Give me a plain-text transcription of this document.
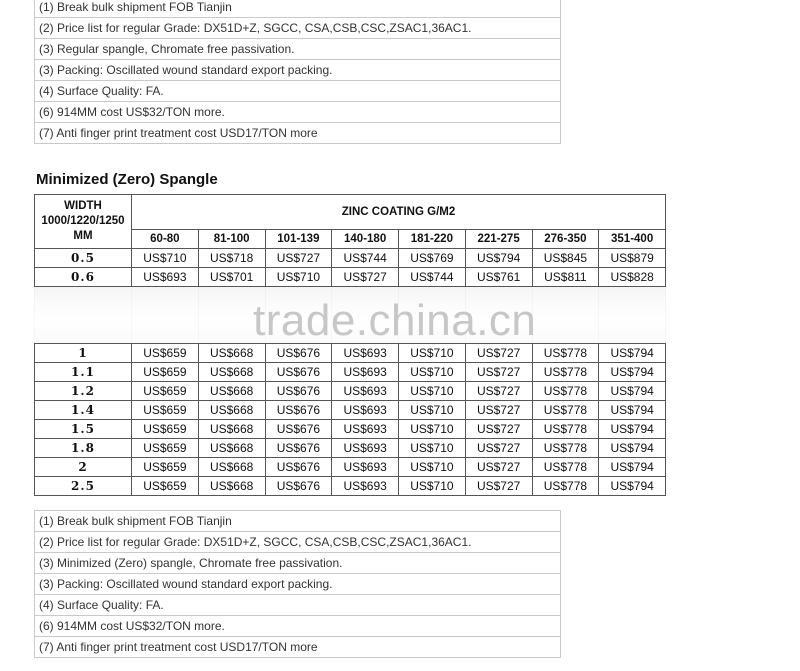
(1) Break bulk shipment FOB Tianjin
(2) Price list for regular Grade: DX51D+Z, SGCC, CSA,CSB,CSC,ZSAC1,36AC1.
(3) Regular spangle, Chromate free passivation.
(3) Packing: Oscillated wound standard export packing.
(4) Surface Quality: FA.
(6) 914MM cost US$32/TON more.
(7) Anti finger print treatment cost USD17/TON more
Minimized (Zero) Spangle
WIDTH
1000/1220/1250
MM	ZINC COATING G/M2							
	60-80	81-100	101-139	140-180	181-220	221-275	276-350	351-400
0.5	US$710	US$718	US$727	US$744	US$769	US$794	US$845	US$879
0.6	US$693	US$701	US$710	US$727	US$744	US$761	US$811	US$828

1	US$659	US$668	US$676	US$693	US$710	US$727	US$778	US$794
1.1	US$659	US$668	US$676	US$693	US$710	US$727	US$778	US$794
1.2	US$659	US$668	US$676	US$693	US$710	US$727	US$778	US$794
1.4	US$659	US$668	US$676	US$693	US$710	US$727	US$778	US$794
1.5	US$659	US$668	US$676	US$693	US$710	US$727	US$778	US$794
1.8	US$659	US$668	US$676	US$693	US$710	US$727	US$778	US$794
2	US$659	US$668	US$676	US$693	US$710	US$727	US$778	US$794
2.5	US$659	US$668	US$676	US$693	US$710	US$727	US$778	US$794
trade.china.cn
(1) Break bulk shipment FOB Tianjin
(2) Price list for regular Grade: DX51D+Z, SGCC, CSA,CSB,CSC,ZSAC1,36AC1.
(3) Minimized (Zero) spangle, Chromate free passivation.
(3) Packing: Oscillated wound standard export packing.
(4) Surface Quality: FA.
(6) 914MM cost US$32/TON more.
(7) Anti finger print treatment cost USD17/TON more
